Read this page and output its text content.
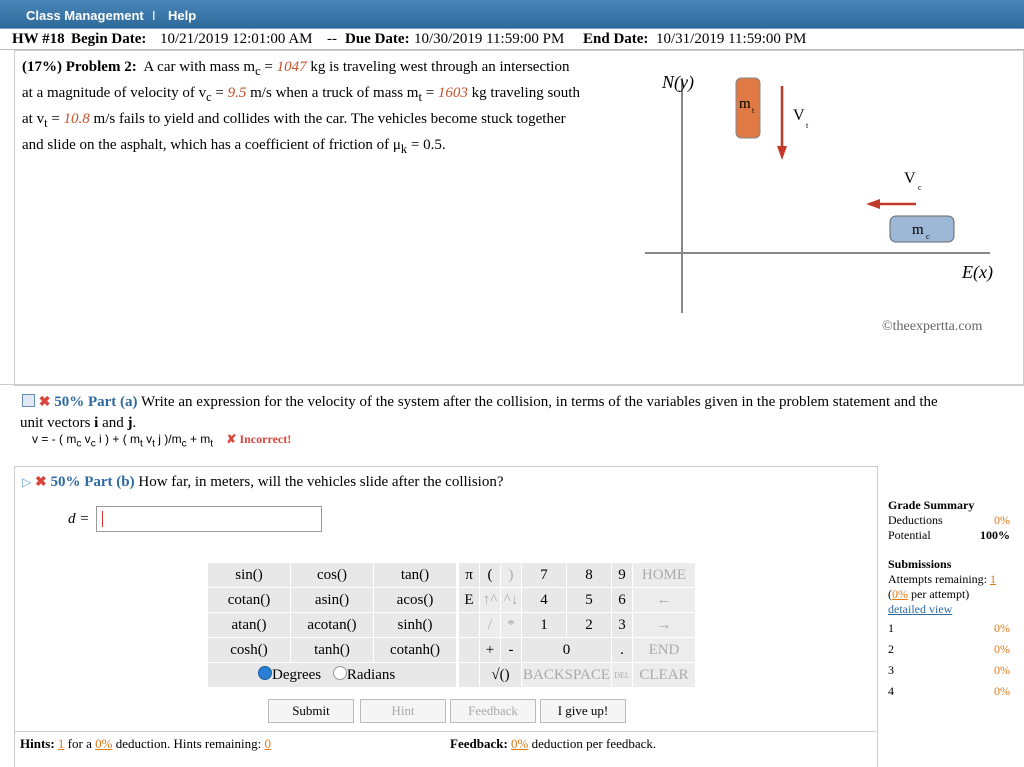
Class Management I Help
HW #18 Begin Date: 10/21/2019 12:01:00 AM -- Due Date: 10/30/2019 11:59:00 PM End Date: 10/31/2019 11:59:00 PM
(17%) Problem 2: A car with mass $m_c = 1047$ kg is traveling west through an intersection
at a magnitude of velocity of $v_c = 9.5$ m/s when a truck of mass $m_t = 1603$ kg traveling south
at $v_t = 10.8$ m/s fails to yield and collides with the car. The vehicles become stuck together
and slide on the asphalt, which has a coefficient of friction of $\mu_k = 0.5$.
N(y)
E(x)
m t V
t
V
c
m c
©theexpertta.com
✖ 50% Part (a) Write an expression for the velocity of the system after the collision, in terms of the variables given in the problem statement and the
unit vectors i and j.
v = - ( $m_c$ $v_c$ i ) + ( $m_t$ $v_t$ j )$/m_c + m_t$ ✘ Incorrect!
▷ ✖ 50% Part (b) How far, in meters, will the vehicles slide after the collision?
d =
sin()	cos()	tan()
cotan()	asin()	acos()
atan()	acotan()	sinh()
cosh()	tanh()	cotanh()
Degrees Radians		
π	(	)	7	8	9	HOME
E	↑^	^↓	4	5	6	←
	/	*	1	2	3	→
	+	-	0		.	END
	√()		BACKSPACE		DEL	CLEAR
Submit	Hint	Feedback	I give up!
Hints: 1 for a 0% deduction. Hints remaining: 0	Feedback: 0% deduction per feedback.
Grade Summary
Deductions	0%
Potential	100%
Submissions
Attempts remaining: 1
(0% per attempt)
detailed view
1	0%
2	0%
3	0%
4	0%
